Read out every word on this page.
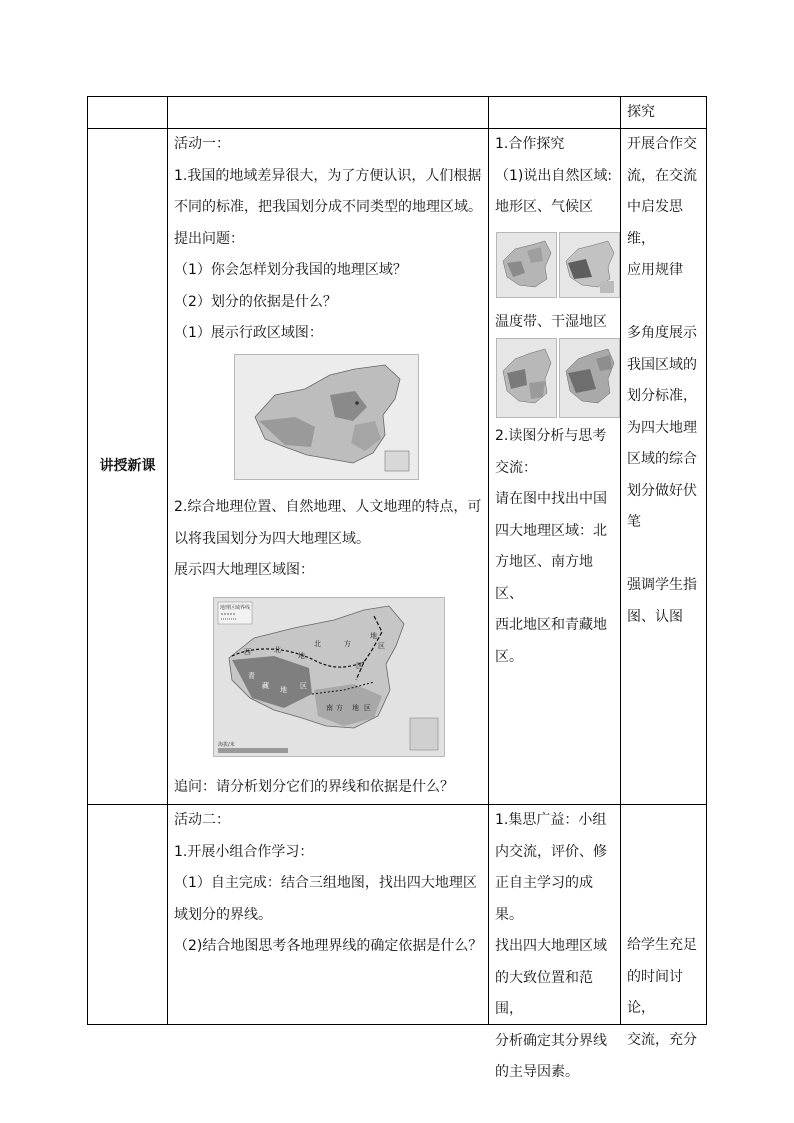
探究

讲授新课

活动一：

1.我国的地域差异很大，为了方便认识，人们根据

不同的标准，把我国划分成不同类型的地理区域。

提出问题：

（1）你会怎样划分我国的地理区域？

（2）划分的依据是什么？

（1）展示行政区域图：

2.综合地理位置、自然地理、人文地理的特点，可

以将我国划分为四大地理区域。

展示四大地理区域图：

地理区域界线
北	方
地
区
西	北
地
区
青
藏 地 区
南 方 地 区
海拔/米

追问：请分析划分它们的界线和依据是什么？

1.合作探究

（1)说出自然区域:

地形区、气候区

温度带、干湿地区

2.读图分析与思考

交流：

请在图中找出中国

四大地理区域：北

方地区、南方地区、

西北地区和青藏地

区。

开展合作交

流，在交流

中启发思维，

应用规律

多角度展示

我国区域的

划分标准，

为四大地理

区域的综合

划分做好伏

笔

强调学生指

图、认图

活动二：

1.开展小组合作学习：

（1）自主完成：结合三组地图，找出四大地理区

域划分的界线。

（2)结合地图思考各地理界线的确定依据是什么？

1.集思广益：小组

内交流，评价、修

正自主学习的成果。

找出四大地理区域

的大致位置和范围，

分析确定其分界线

的主导因素。

给学生充足

的时间讨论，

交流，充分
